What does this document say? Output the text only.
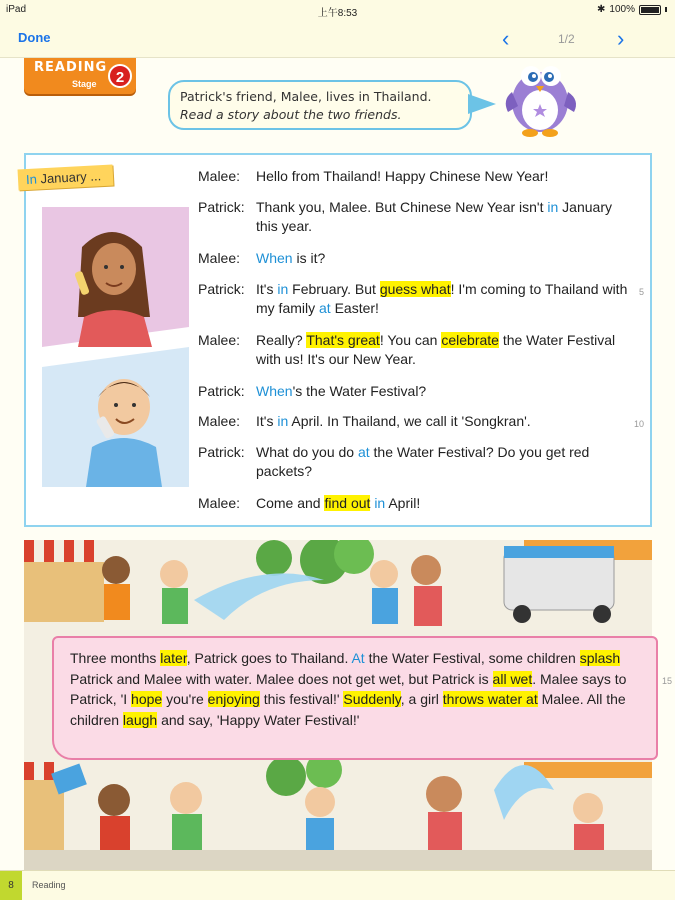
iPad	上午8:53	✱ 100%
Done	‹	1/2 ›
READING
Stage	2
Patrick's friend, Malee, lives in Thailand.
Read a story about the two friends.
In January ...	Malee: Hello from Thailand! Happy Chinese New Year!
Patrick: Thank you, Malee. But Chinese New Year isn't in January this year.
Malee: When is it?
Patrick: It's in February. But guess what! I'm coming to Thailand with my family at Easter!
Malee: Really? That's great! You can celebrate the Water Festival with us! It's our New Year.
Patrick: When's the Water Festival?
Malee: It's in April. In Thailand, we call it 'Songkran'.
Patrick: What do you do at the Water Festival? Do you get red packets?
Malee: Come and find out in April!
5
10
Three months later, Patrick goes to Thailand. At the Water Festival, some children splash Patrick and Malee with water. Malee does not get wet, but Patrick is all wet. Malee says to Patrick, 'I hope you're enjoying this festival!' Suddenly, a girl throws water at Malee. All the children laugh and say, 'Happy Water Festival!'
15
8	Reading
